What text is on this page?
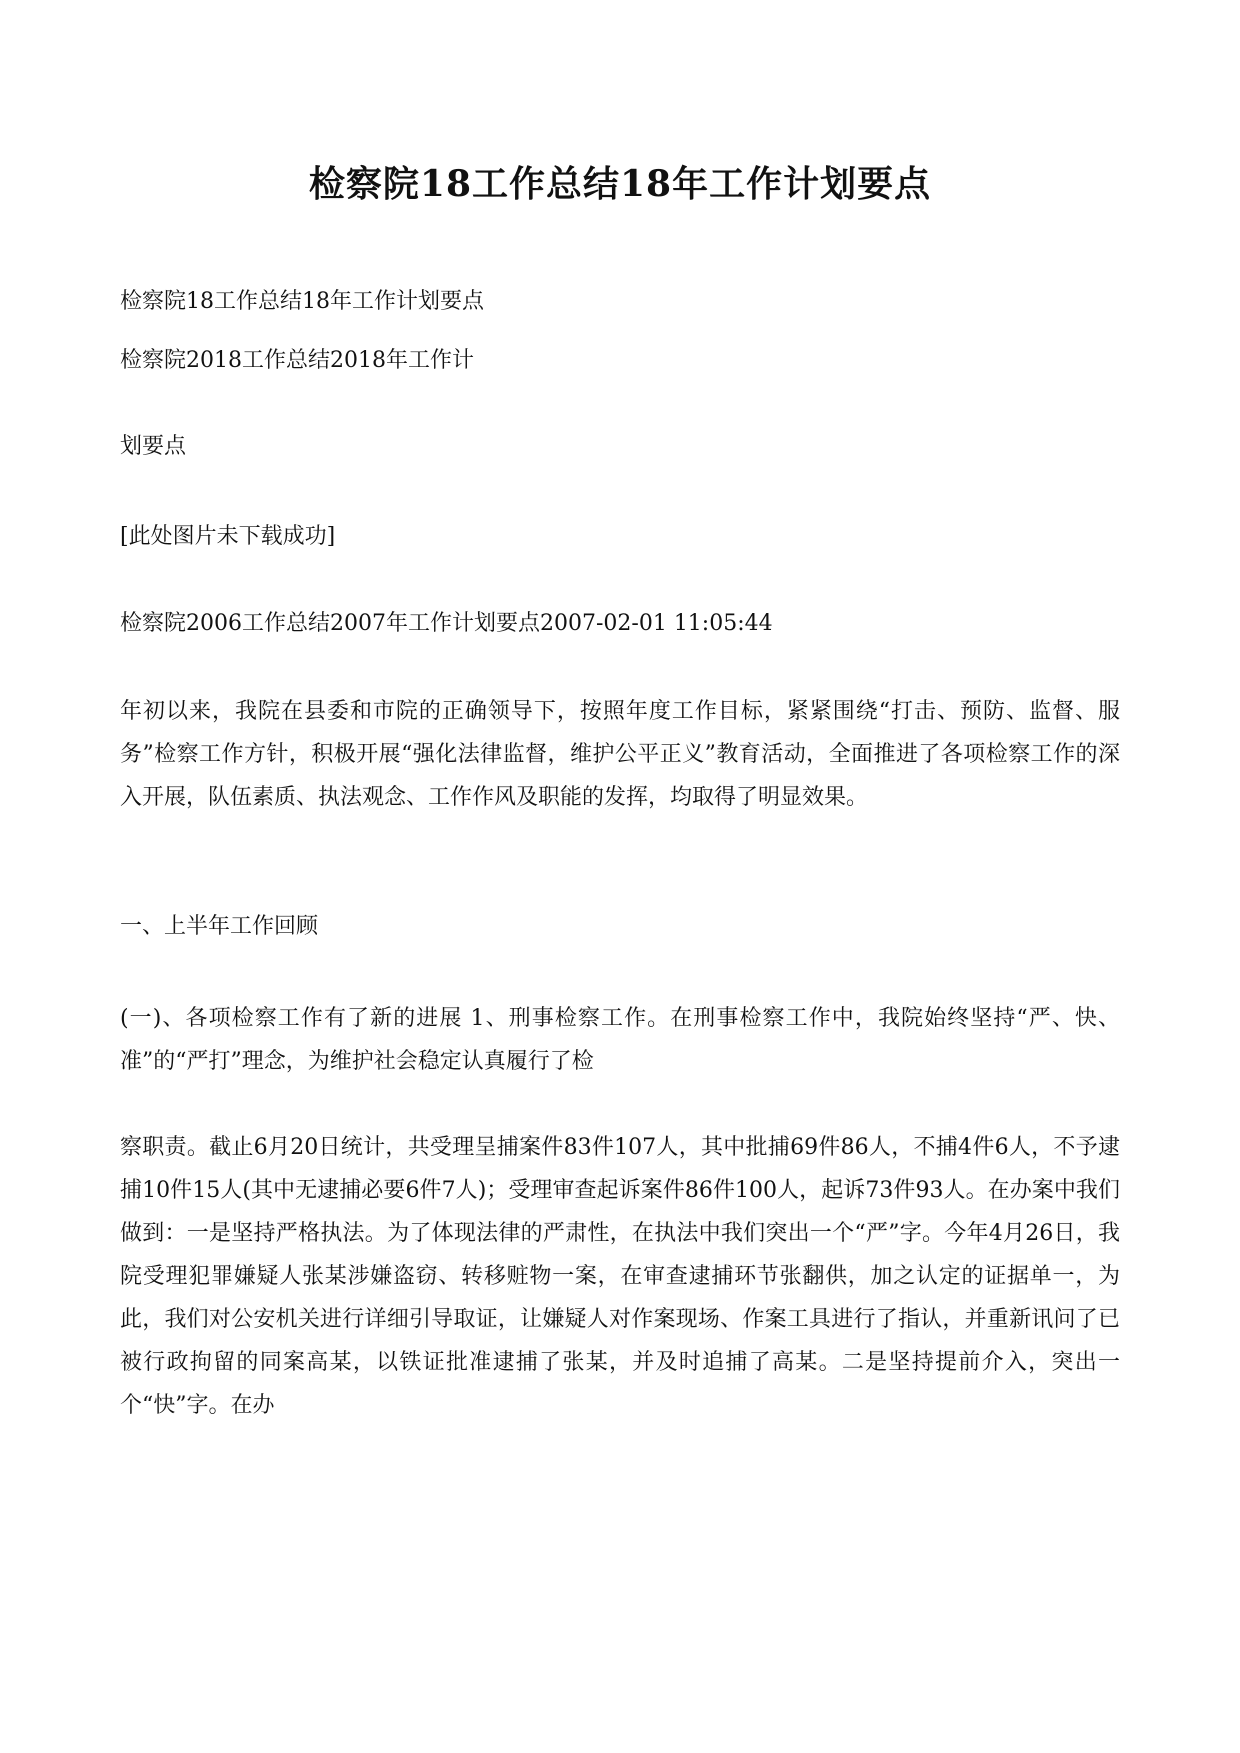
检察院18工作总结18年工作计划要点

检察院18工作总结18年工作计划要点

检察院2018工作总结2018年工作计

划要点

[此处图片未下载成功]

检察院2006工作总结2007年工作计划要点2007-02-01 11:05:44

年初以来，我院在县委和市院的正确领导下，按照年度工作目标，紧紧围绕“打击、预防、监督、服务”检察工作方针，积极开展“强化法律监督，维护公平正义”教育活动，全面推进了各项检察工作的深入开展，队伍素质、执法观念、工作作风及职能的发挥，均取得了明显效果。

一、上半年工作回顾

(一)、各项检察工作有了新的进展 1、刑事检察工作。在刑事检察工作中，我院始终坚持“严、快、准”的“严打”理念，为维护社会稳定认真履行了检

察职责。截止6月20日统计，共受理呈捕案件83件107人，其中批捕69件86人，不捕4件6人，不予逮捕10件15人(其中无逮捕必要6件7人)；受理审查起诉案件86件100人，起诉73件93人。在办案中我们做到：一是坚持严格执法。为了体现法律的严肃性，在执法中我们突出一个“严”字。今年4月26日，我院受理犯罪嫌疑人张某涉嫌盗窃、转移赃物一案，在审查逮捕环节张翻供，加之认定的证据单一，为此，我们对公安机关进行详细引导取证，让嫌疑人对作案现场、作案工具进行了指认，并重新讯问了已被行政拘留的同案高某，以铁证批准逮捕了张某，并及时追捕了高某。二是坚持提前介入，突出一个“快”字。在办
